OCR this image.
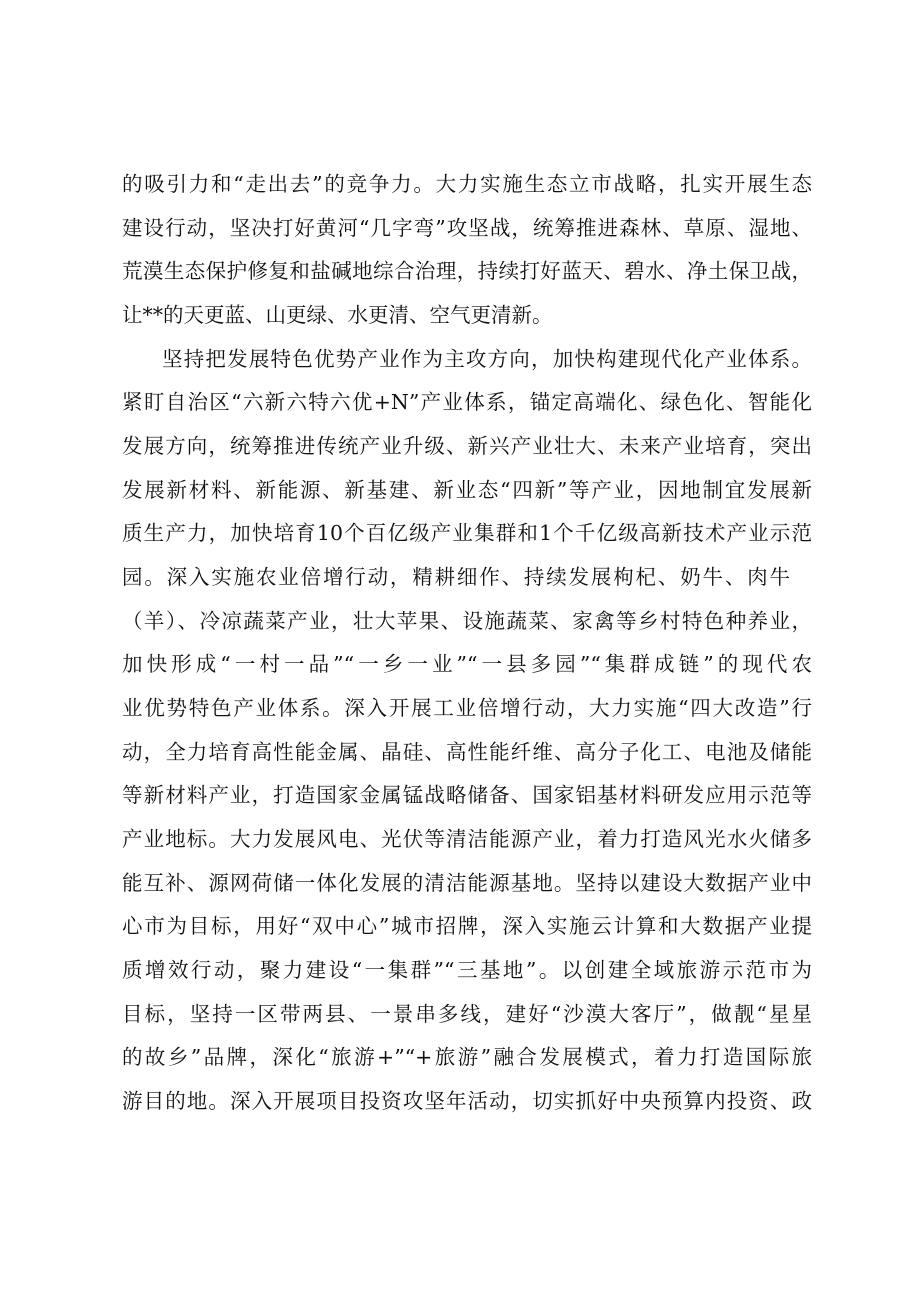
的吸引力和“走出去”的竞争力。大力实施生态立市战略，扎实开展生态
建设行动，坚决打好黄河“几字弯”攻坚战，统筹推进森林、草原、湿地、
荒漠生态保护修复和盐碱地综合治理，持续打好蓝天、碧水、净土保卫战，
让**的天更蓝、山更绿、水更清、空气更清新。
坚持把发展特色优势产业作为主攻方向，加快构建现代化产业体系。
紧盯自治区“六新六特六优+N”产业体系，锚定高端化、绿色化、智能化
发展方向，统筹推进传统产业升级、新兴产业壮大、未来产业培育，突出
发展新材料、新能源、新基建、新业态“四新”等产业，因地制宜发展新
质生产力，加快培育10个百亿级产业集群和1个千亿级高新技术产业示范
园。深入实施农业倍增行动，精耕细作、持续发展枸杞、奶牛、肉牛
（羊）、冷凉蔬菜产业，壮大苹果、设施蔬菜、家禽等乡村特色种养业，
加快形成“一村一品”“一乡一业”“一县多园”“集群成链”的现代农
业优势特色产业体系。深入开展工业倍增行动，大力实施“四大改造”行
动，全力培育高性能金属、晶硅、高性能纤维、高分子化工、电池及储能
等新材料产业，打造国家金属锰战略储备、国家铝基材料研发应用示范等
产业地标。大力发展风电、光伏等清洁能源产业，着力打造风光水火储多
能互补、源网荷储一体化发展的清洁能源基地。坚持以建设大数据产业中
心市为目标，用好“双中心”城市招牌，深入实施云计算和大数据产业提
质增效行动，聚力建设“一集群”“三基地”。以创建全域旅游示范市为
目标，坚持一区带两县、一景串多线，建好“沙漠大客厅”，做靓“星星
的故乡”品牌，深化“旅游+”“+旅游”融合发展模式，着力打造国际旅
游目的地。深入开展项目投资攻坚年活动，切实抓好中央预算内投资、政
